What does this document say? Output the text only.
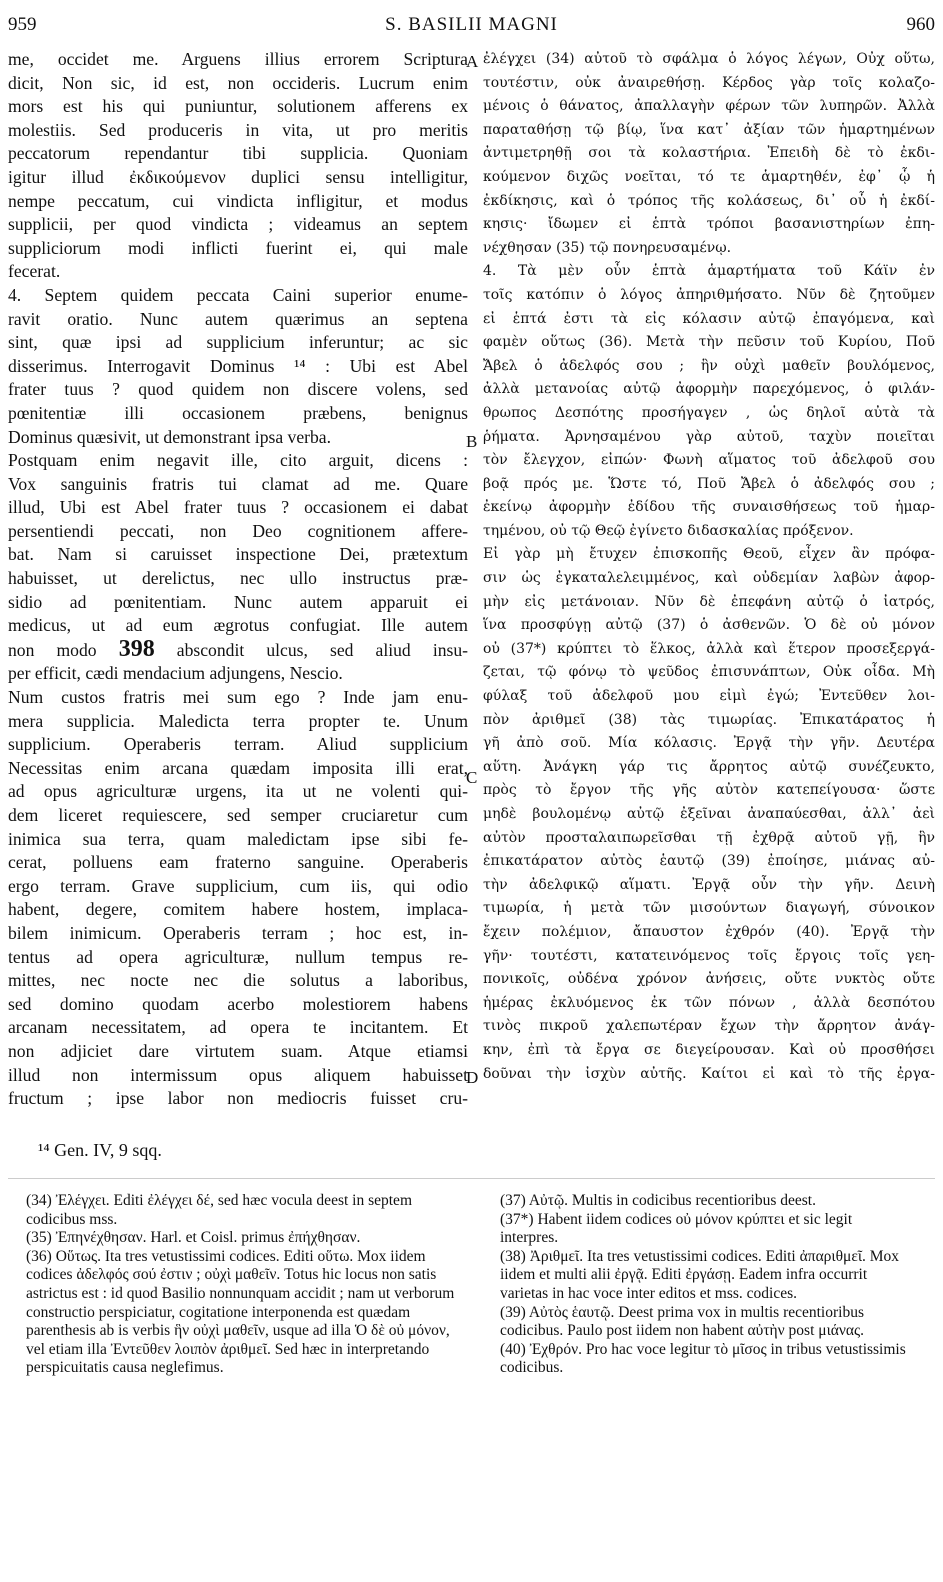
959	S. BASILII MAGNI	960
me, occidet me. Arguens illius errorem Scriptura
dicit, Non sic, id est, non occideris. Lucrum enim
mors est his qui puniuntur, solutionem afferens ex
molestiis. Sed produceris in vita, ut pro meritis
peccatorum rependantur tibi supplicia. Quoniam
igitur illud ἐκδικούμενον duplici sensu intelligitur,
nempe peccatum, cui vindicta infligitur, et modus
supplicii, per quod vindicta ; videamus an septem
suppliciorum modi inflicti fuerint ei, qui male
fecerat.
4. Septem quidem peccata Caini superior enume-
ravit oratio. Nunc autem quærimus an septena
sint, quæ ipsi ad supplicium inferuntur; ac sic
disserimus. Interrogavit Dominus ¹⁴ : Ubi est Abel
frater tuus ? quod quidem non discere volens, sed
pœnitentiæ illi occasionem præbens, benignus
Dominus quæsivit, ut demonstrant ipsa verba.
Postquam enim negavit ille, cito arguit, dicens :
Vox sanguinis fratris tui clamat ad me. Quare
illud, Ubi est Abel frater tuus ? occasionem ei dabat
persentiendi peccati, non Deo cognitionem affere-
bat. Nam si caruisset inspectione Dei, prætextum
habuisset, ut derelictus, nec ullo instructus præ-
sidio ad pœnitentiam. Nunc autem apparuit ei
medicus, ut ad eum ægrotus confugiat. Ille autem
non modo 398 abscondit ulcus, sed aliud insu-
per efficit, cædi mendacium adjungens, Nescio.
Num custos fratris mei sum ego ? Inde jam enu-
mera supplicia. Maledicta terra propter te. Unum
supplicium. Operaberis terram. Aliud supplicium
Necessitas enim arcana quædam imposita illi erat,
ad opus agriculturæ urgens, ita ut ne volenti qui-
dem liceret requiescere, sed semper cruciaretur cum
inimica sua terra, quam maledictam ipse sibi fe-
cerat, polluens eam fraterno sanguine. Operaberis
ergo terram. Grave supplicium, cum iis, qui odio
habent, degere, comitem habere hostem, implaca-
bilem inimicum. Operaberis terram ; hoc est, in-
tentus ad opera agriculturæ, nullum tempus re-
mittes, nec nocte nec die solutus a laboribus,
sed domino quodam acerbo molestiorem habens
arcanam necessitatem, ad opera te incitantem. Et
non adjiciet dare virtutem suam. Atque etiamsi
illud non intermissum opus aliquem habuisset
fructum ; ipse labor non mediocris fuisset cru-
ἐλέγχει (34) αὐτοῦ τὸ σφάλμα ὁ λόγος λέγων, Οὐχ οὕτω,
τουτέστιν, οὐκ ἀναιρεθήσῃ. Κέρδος γὰρ τοῖς κολαζο-
μένοις ὁ θάνατος, ἀπαλλαγὴν φέρων τῶν λυπηρῶν. Ἀλλὰ
παραταθήσῃ τῷ βίῳ, ἵνα κατ᾽ ἀξίαν τῶν ἡμαρτημένων
ἀντιμετρηθῇ σοι τὰ κολαστήρια. Ἐπειδὴ δὲ τὸ ἐκδι-
κούμενον διχῶς νοεῖται, τό τε ἁμαρτηθέν, ἐφ᾽ ᾧ ἡ
ἐκδίκησις, καὶ ὁ τρόπος τῆς κολάσεως, δι᾽ οὗ ἡ ἐκδί-
κησις· ἴδωμεν εἰ ἑπτὰ τρόποι βασανιστηρίων ἐπη-
νέχθησαν (35) τῷ πονηρευσαμένῳ.
4. Τὰ μὲν οὖν ἑπτὰ ἁμαρτήματα τοῦ Κάϊν ἐν
τοῖς κατόπιν ὁ λόγος ἀπηριθμήσατο. Νῦν δὲ ζητοῦμεν
εἰ ἑπτά ἐστι τὰ εἰς κόλασιν αὐτῷ ἐπαγόμενα, καὶ
φαμὲν οὕτως (36). Μετὰ τὴν πεῦσιν τοῦ Κυρίου, Ποῦ
Ἄβελ ὁ ἀδελφός σου ; ἣν οὐχὶ μαθεῖν βουλόμενος,
ἀλλὰ μετανοίας αὐτῷ ἀφορμὴν παρεχόμενος, ὁ φιλάν-
θρωπος Δεσπότης προσήγαγεν , ὡς δηλοῖ αὐτὰ τὰ
ῥήματα. Ἀρνησαμένου γὰρ αὐτοῦ, ταχὺν ποιεῖται
τὸν ἔλεγχον, εἰπών· Φωνὴ αἵματος τοῦ ἀδελφοῦ σου
βοᾷ πρός με. Ὥστε τό, Ποῦ Ἄβελ ὁ ἀδελφός σου ;
ἐκείνῳ ἀφορμὴν ἐδίδου τῆς συναισθήσεως τοῦ ἡμαρ-
τημένου, οὐ τῷ Θεῷ ἐγίνετο διδασκαλίας πρόξενον.
Εἰ γὰρ μὴ ἔτυχεν ἐπισκοπῆς Θεοῦ, εἶχεν ἂν πρόφα-
σιν ὡς ἐγκαταλελειμμένος, καὶ οὐδεμίαν λαβὼν ἀφορ-
μὴν εἰς μετάνοιαν. Νῦν δὲ ἐπεφάνη αὐτῷ ὁ ἰατρός,
ἵνα προσφύγῃ αὐτῷ (37) ὁ ἀσθενῶν. Ὁ δὲ οὐ μόνον
οὐ (37*) κρύπτει τὸ ἕλκος, ἀλλὰ καὶ ἕτερον προσεξεργά-
ζεται, τῷ φόνῳ τὸ ψεῦδος ἐπισυνάπτων, Οὐκ οἶδα. Μὴ
φύλαξ τοῦ ἀδελφοῦ μου εἰμὶ ἐγώ; Ἐντεῦθεν λοι-
πὸν ἀριθμεῖ (38) τὰς τιμωρίας. Ἐπικατάρατος ἡ
γῆ ἀπὸ σοῦ. Μία κόλασις. Ἐργᾷ τὴν γῆν. Δευτέρα
αὕτη. Ἀνάγκη γάρ τις ἄρρητος αὐτῷ συνέζευκτο,
πρὸς τὸ ἔργον τῆς γῆς αὐτὸν κατεπείγουσα· ὥστε
μηδὲ βουλομένῳ αὐτῷ ἐξεῖναι ἀναπαύεσθαι, ἀλλ᾽ ἀεὶ
αὐτὸν προσταλαιπωρεῖσθαι τῇ ἐχθρᾷ αὐτοῦ γῇ, ἣν
ἐπικατάρατον αὐτὸς ἑαυτῷ (39) ἐποίησε, μιάνας αὐ-
τὴν ἀδελφικῷ αἵματι. Ἐργᾷ οὖν τὴν γῆν. Δεινὴ
τιμωρία, ἡ μετὰ τῶν μισούντων διαγωγή, σύνοικον
ἔχειν πολέμιον, ἄπαυστον ἐχθρόν (40). Ἐργᾷ τὴν
γῆν· τουτέστι, κατατεινόμενος τοῖς ἔργοις τοῖς γεη-
πονικοῖς, οὐδένα χρόνον ἀνήσεις, οὔτε νυκτὸς οὔτε
ἡμέρας ἐκλυόμενος ἐκ τῶν πόνων , ἀλλὰ δεσπότου
τινὸς πικροῦ χαλεπωτέραν ἔχων τὴν ἄρρητον ἀνάγ-
κην, ἐπὶ τὰ ἔργα σε διεγείρουσαν. Καὶ οὐ προσθήσει
δοῦναι τὴν ἰσχὺν αὐτῆς. Καίτοι εἰ καὶ τὸ τῆς ἐργα-
A
B
C
D
¹⁴ Gen. IV, 9 sqq.

(34) Ἐλέγχει. Editi ἐλέγχει δέ, sed hæc vocula deest in septem codicibus mss.

(35) Ἐπηνέχθησαν. Harl. et Coisl. primus ἐπήχθησαν.

(36) Οὕτως. Ita tres vetustissimi codices. Editi οὕτω. Mox iidem codices ἀδελφός σού ἐστιν ; οὐχὶ μαθεῖν. Totus hic locus non satis astrictus est : id quod Basilio nonnunquam accidit ; nam ut verborum constructio perspiciatur, cogitatione interponenda est quædam parenthesis ab is verbis ἣν οὐχὶ μαθεῖν, usque ad illa Ὁ δὲ οὐ μόνον, vel etiam illa Ἐντεῦθεν λοιπὸν ἀριθμεῖ. Sed hæc in interpretando perspicuitatis causa neglefimus.

(37) Αὐτῷ. Multis in codicibus recentioribus deest.

(37*) Habent iidem codices οὐ μόνον κρύπτει et sic legit interpres.

(38) Ἀριθμεῖ. Ita tres vetustissimi codices. Editi ἀπαριθμεῖ. Mox iidem et multi alii ἐργᾷ. Editi ἐργάσῃ. Eadem infra occurrit varietas in hac voce inter editos et mss. codices.

(39) Αὐτὸς ἑαυτῷ. Deest prima vox in multis recentioribus codicibus. Paulo post iidem non habent αὐτὴν post μιάνας.

(40) Ἐχθρόν. Pro hac voce legitur τὸ μῖσος in tribus vetustissimis codicibus.
